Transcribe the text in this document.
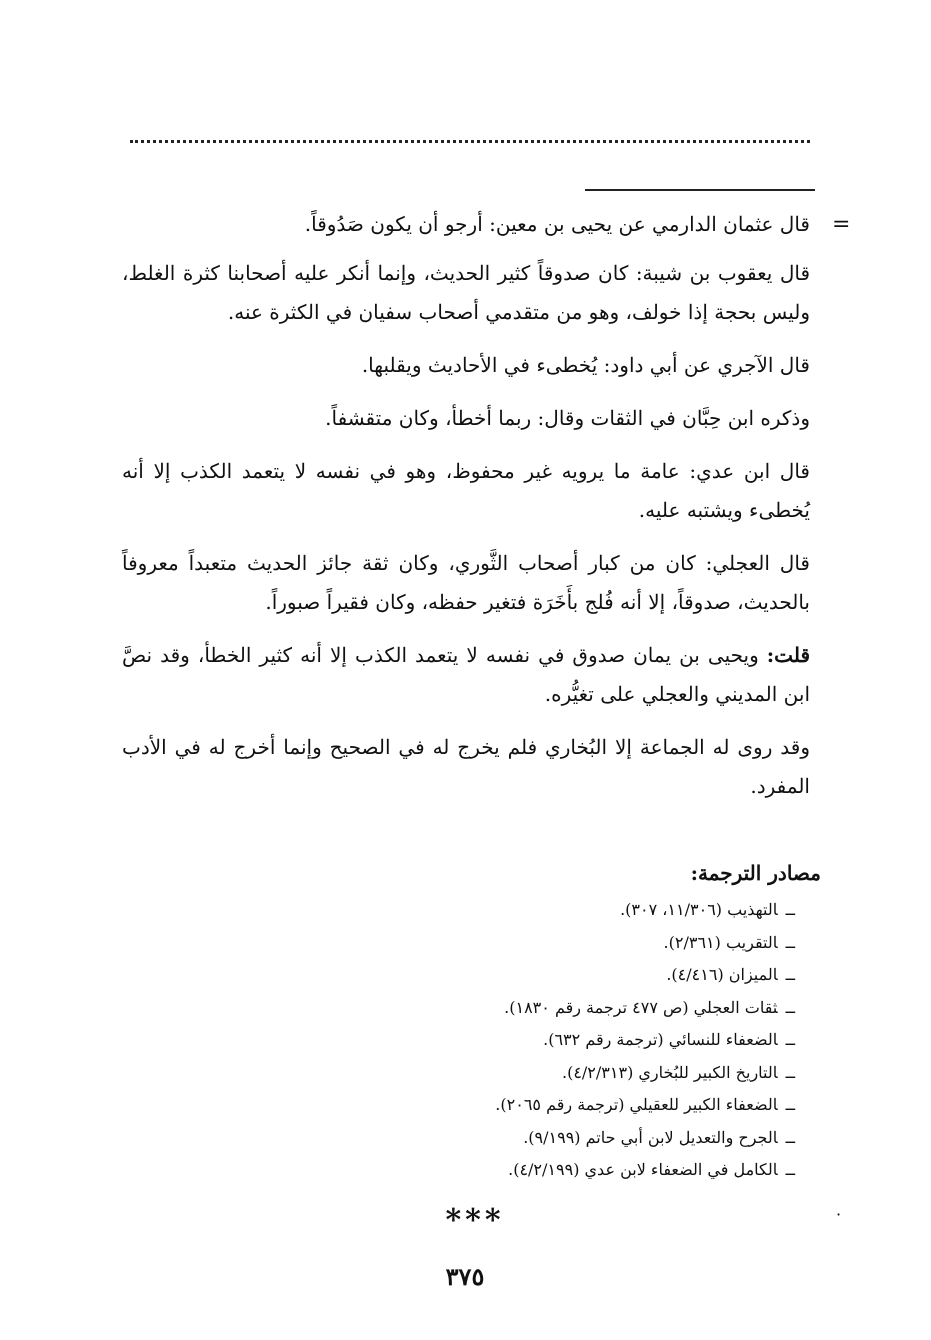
=

قال عثمان الدارمي عن يحيى بن معين: أرجو أن يكون صَدُوقاً.

قال يعقوب بن شيبة: كان صدوقاً كثير الحديث، وإنما أنكر عليه أصحابنا كثرة الغلط، وليس بحجة إذا خولف، وهو من متقدمي أصحاب سفيان في الكثرة عنه.

قال الآجري عن أبي داود: يُخطىء في الأحاديث ويقلبها.

وذكره ابن حِبَّان في الثقات وقال: ربما أخطأ، وكان متقشفاً.

قال ابن عدي: عامة ما يرويه غير محفوظ، وهو في نفسه لا يتعمد الكذب إلا أنه يُخطىء ويشتبه عليه.

قال العجلي: كان من كبار أصحاب الثَّوري، وكان ثقة جائز الحديث متعبداً معروفاً بالحديث، صدوقاً، إلا أنه فُلج بأَخَرَة فتغير حفظه، وكان فقيراً صبوراً.

قلت: ويحيى بن يمان صدوق في نفسه لا يتعمد الكذب إلا أنه كثير الخطأ، وقد نصَّ ابن المديني والعجلي على تغيُّره.

وقد روى له الجماعة إلا البُخاري فلم يخرج له في الصحيح وإنما أخرج له في الأدب المفرد.

مصادر الترجمة:
ــالتهذيب (١١/٣٠٦، ٣٠٧).
ــالتقريب (٢/٣٦١).
ــالميزان (٤/٤١٦).
ــثقات العجلي (ص ٤٧٧ ترجمة رقم ١٨٣٠).
ــالضعفاء للنسائي (ترجمة رقم ٦٣٢).
ــالتاريخ الكبير للبُخاري (٤/٢/٣١٣).
ــالضعفاء الكبير للعقيلي (ترجمة رقم ٢٠٦٥).
ــالجرح والتعديل لابن أبي حاتم (٩/١٩٩).
ــالكامل في الضعفاء لابن عدي (٤/٢/١٩٩).
***	·
٣٧٥
